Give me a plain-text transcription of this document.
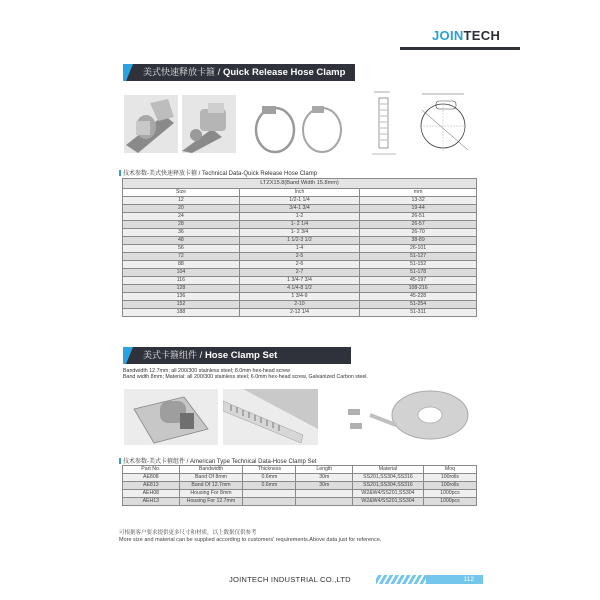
JOINTECH
美式快速释放卡箍 / Quick Release Hose Clamp
技术参数-美式快速释放卡箍 / Technical Data-Quick Release Hose Clamp
LTZX15.8(Band Width 15.8mm)		
Size	Inch	mm
12	1/2-1 1/4	13-32
20	3/4-1 3/4	19-44
24	1-2	26-51
28	1- 2 1/4	26-57
36	1- 2 3/4	26-70
48	1 1/2-3 1/2	38-89
56	1-4	26-101
72	2-5	51-127
88	2-6	51-152
104	2-7	51-178
116	1 3/4-7 3/4	45-197
128	4 1/4-8 1/2	108-216
136	1 3/4-9	45-228
152	2-10	51-254
188	2-12 1/4	51-311
美式卡箍组件 / Hose Clamp Set
Bandwidth 12.7mm; all 200/300 stainless steel; 8.0mm hex-head screw
Band width 8mm; Material: all 200/300 stainless steel; 6.0mm hex-head screw, Galvanized Carbon steel.
技术参数-美式卡箍组件 / American Type Technical Data-Hose Clamp Set
Part No.	Bandwidth	Thickness	Length	Material	Moq
AE808	Band Of 8mm	0.6mm	30m	SS201,SS304,SS316	100rolls
AE813	Band Of 12.7mm	0.6mm	30m	SS201,SS304,SS316	100rolls
AEH08	Housing For 8mm			W2&W4/SS201,SS304	1000pcs
AEH13	Housing For 12.7mm			W2&W4/SS201,SS304	1000pcs
可根据客户要求提供更多尺寸和材质，以上数据仅供参考
More size and material can be supplied according to customers' requirements.Above data just for reference.
JOINTECH INDUSTRIAL CO.,LTD	112
